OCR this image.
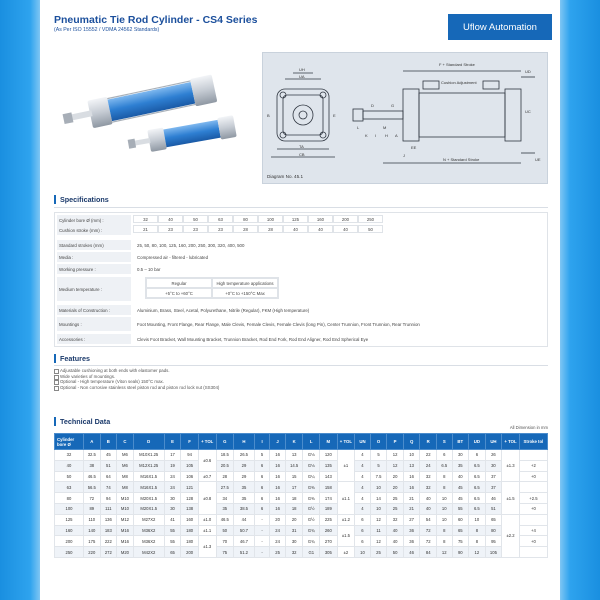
Pneumatic Tie Rod Cylinder - CS4 Series
(As Per ISO 15552 / VDMA 24562 Standards)	Uflow Automation
F + Standard Stroke
Cushion Adjustment
N + Standard Stroke
UH
UA
TA
CB
B	E
EE
D	G
L	M
K I H A
J
UD
UC
UE
Diagram No. 45.1
Specifications
Cylinder bore Ø (mm) :	32	40	50	63	80	100	125	160	200	250
Cushion stroke (mm) :	21	23	23	23	28	28	40	40	40	50
Standard strokes (mm)	25, 50, 80, 100, 125, 160, 200, 250, 300, 320, 400, 500
Media :	Compressed air - filtered - lubricated
Working pressure :	0.5 – 10 bar
Medium temperature :
Regular	High temperature applications
+5°C to +60°C	+0°C to +150°C Max
Materials of Construction :	Aluminium, Brass, Steel, Acetal, Polyurethane, Nitrile (Regular), FKM (High temperature)
Mountings :	Foot Mounting, Front Flange, Rear Flange, Male Clevis, Female Clevis, Female Clevis (long Pin), Center Trunnion, Front Trunnion, Rear Trunnion
Accessories :	Clevis Foot Bracket, Wall Mounting Bracket, Trunnion Bracket, Rod End Fork, Rod End Aligner, Rod End Spherical Eye
Features
Adjustable cushioning at both ends with elastomer pads.
Wide varieties of mountings.
Optional - High temperature (Viton seals) 150°C max.
Optional - Non corrosive stainless steel piston rod and piston rod lock nut (SS304)
Technical Data
All Dimension in mm
Cylinder bore Ø	A	B	C	D	E	F	+ TOL	G	H	I	J	K	L	M	+ TOL	UN	O	P	Q	R	S	BT	UD	UH	+ TOL	Stroke tol
32	32.5	45	M6	M10X1.25	17	94	±0.6	18.5	26.5	5	16	13	G⅛	120	±1	4	5	12	10	22	6	30	6	26	±1.3	
40	38	51	M6	M12X1.25	19	105		20.5	29	6	16	14.5	G⅛	135		4	5	12	13	24	6.5	35	6.5	30		+2
50	46.5	64	M8	M16X1.5	24	106	±0.7	28	29	6	16	15	G¼	143		4	7.5	20	16	32	8	40	6.5	37		+0
63	56.5	74	M8	M16X1.5	24	121	±0.8	27.5	35	6	16	17	G⅜	158	±1.1	4	10	20	16	32	8	45	6.5	37	±1.5	
80	72	94	M10	M20X1.5	30	128		34	35	6	16	18	G⅜	174		4	14	25	21	40	10	45	6.5	46		+2.5
100	89	111	M10	M20X1.5	30	138		35	38.5	6	16	18	G½	189		4	10	25	21	40	10	55	6.5	51		+0
125	110	136	M12	M27X2	41	160	±1.0	46.5	44	-	20	20	G½	225	±1.2	6	12	32	27	54	10	60	10	65	±2.2	
160	140	183	M16	M36X2	55	180	±1.1	50	50.7	-	24	31	G¾	260	±1.5	6	11	40	36	72	8	65	8	80		+4
200	175	222	M16	M36X2	55	180	±1.3	70	46.7	-	24	30	G¾	270		6	12	40	36	72	8	75	8	95		+0
250	220	272	M20	M42X2	65	200		75	51.2	-	25	32	G1	305	±2	10	25	50	46	84	12	90	12	105		
